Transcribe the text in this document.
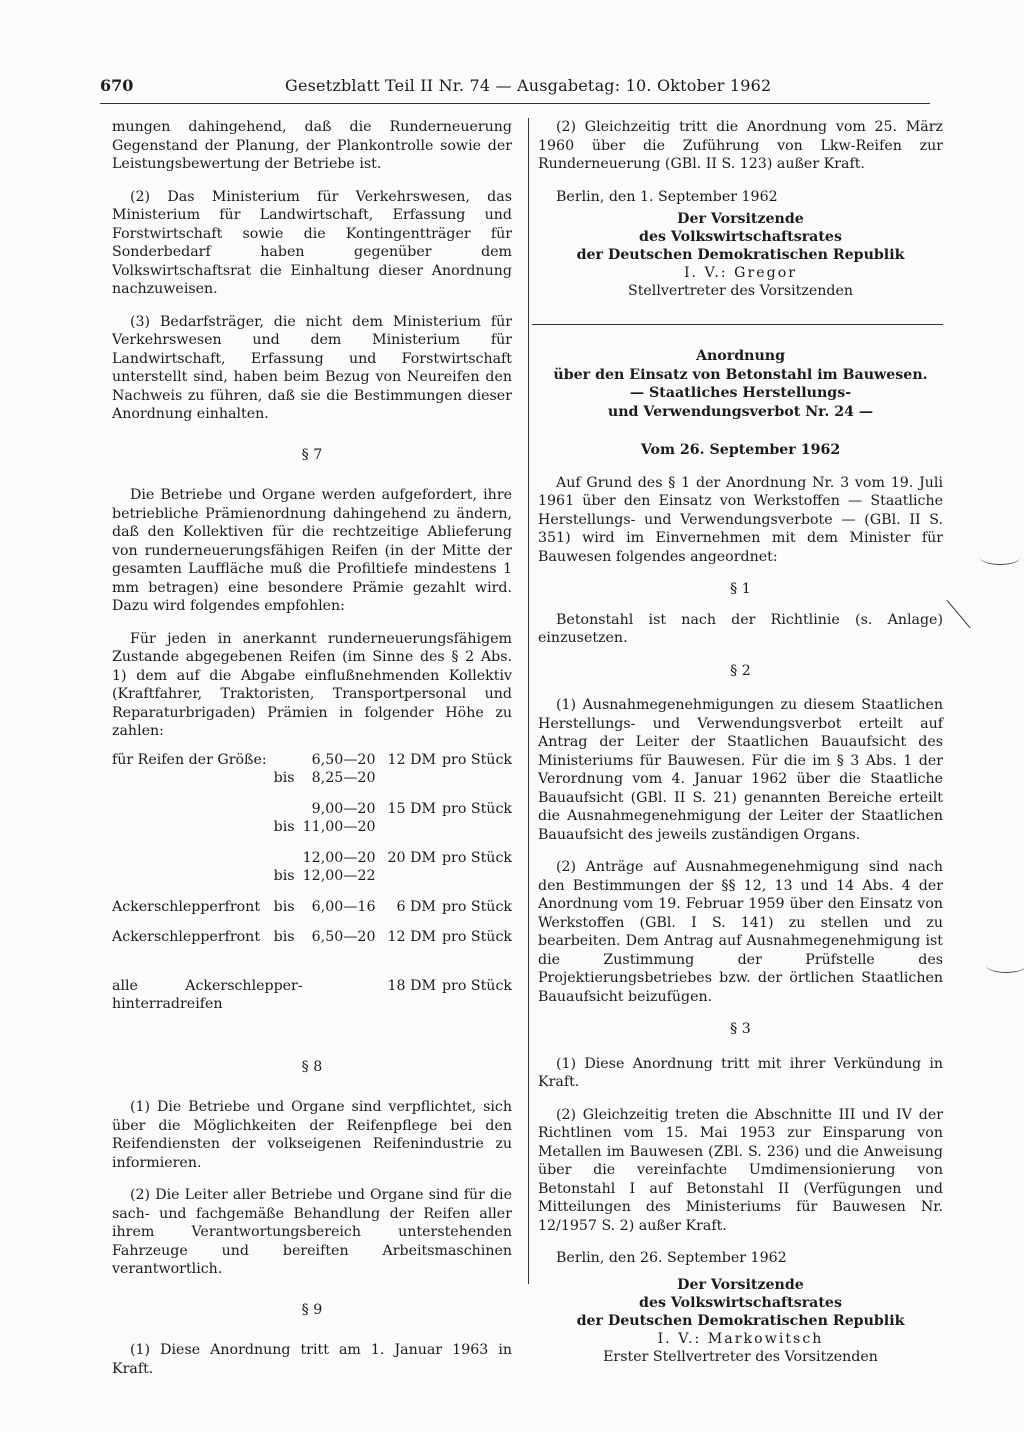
670	Gesetzblatt Teil II Nr. 74 — Ausgabetag: 10. Oktober 1962

mungen dahingehend, daß die Runderneuerung Gegenstand der Planung, der Plankontrolle sowie der Leistungsbewertung der Betriebe ist.

(2) Das Ministerium für Verkehrswesen, das Ministerium für Landwirtschaft, Erfassung und Forstwirtschaft sowie die Kontingentträger für Sonderbedarf haben gegenüber dem Volkswirtschaftsrat die Einhaltung dieser Anordnung nachzuweisen.

(3) Bedarfsträger, die nicht dem Ministerium für Verkehrswesen und dem Ministerium für Landwirtschaft, Erfassung und Forstwirtschaft unterstellt sind, haben beim Bezug von Neureifen den Nachweis zu führen, daß sie die Bestimmungen dieser Anordnung einhalten.

§ 7

Die Betriebe und Organe werden aufgefordert, ihre betriebliche Prämienordnung dahingehend zu ändern, daß den Kollektiven für die rechtzeitige Ablieferung von runderneuerungsfähigen Reifen (in der Mitte der gesamten Lauffläche muß die Profiltiefe mindestens 1 mm betragen) eine besondere Prämie gezahlt wird. Dazu wird folgendes empfohlen:

Für jeden in anerkannt runderneuerungsfähigem Zustande abgegebenen Reifen (im Sinne des § 2 Abs. 1) dem auf die Abgabe einflußnehmenden Kollektiv (Kraftfahrer, Traktoristen, Transportpersonal und Reparaturbrigaden) Prämien in folgender Höhe zu zahlen:

für Reifen der Größe:		6,50—20	12 DM	pro Stück
	bis	8,25—20		
		9,00—20	15 DM	pro Stück
	bis	11,00—20		
		12,00—20	20 DM	pro Stück
	bis	12,00—22		
Ackerschlepperfront	bis	6,00—16	6 DM	pro Stück
Ackerschlepperfront	bis	6,50—20	12 DM	pro Stück
alle Ackerschlepper-hinterradreifen			18 DM	pro Stück
§ 8

(1) Die Betriebe und Organe sind verpflichtet, sich über die Möglichkeiten der Reifenpflege bei den Reifendiensten der volkseigenen Reifenindustrie zu informieren.

(2) Die Leiter aller Betriebe und Organe sind für die sach- und fachgemäße Behandlung der Reifen aller ihrem Verantwortungsbereich unterstehenden Fahrzeuge und bereiften Arbeitsmaschinen verantwortlich.

§ 9

(1) Diese Anordnung tritt am 1. Januar 1963 in Kraft.

(2) Gleichzeitig tritt die Anordnung vom 25. März 1960 über die Zuführung von Lkw-Reifen zur Runderneuerung (GBl. II S. 123) außer Kraft.

Berlin, den 1. September 1962

Der Vorsitzende
des Volkswirtschaftsrates
der Deutschen Demokratischen Republik
I. V.: Gregor
Stellvertreter des Vorsitzenden
Anordnung
über den Einsatz von Betonstahl im Bauwesen.
— Staatliches Herstellungs-
und Verwendungsverbot Nr. 24 —
Vom 26. September 1962

Auf Grund des § 1 der Anordnung Nr. 3 vom 19. Juli 1961 über den Einsatz von Werkstoffen — Staatliche Herstellungs- und Verwendungsverbote — (GBl. II S. 351) wird im Einvernehmen mit dem Minister für Bauwesen folgendes angeordnet:

§ 1

Betonstahl ist nach der Richtlinie (s. Anlage) einzusetzen.

§ 2

(1) Ausnahmegenehmigungen zu diesem Staatlichen Herstellungs- und Verwendungsverbot erteilt auf Antrag der Leiter der Staatlichen Bauaufsicht des Ministeriums für Bauwesen. Für die im § 3 Abs. 1 der Verordnung vom 4. Januar 1962 über die Staatliche Bauaufsicht (GBl. II S. 21) genannten Bereiche erteilt die Ausnahmegenehmigung der Leiter der Staatlichen Bauaufsicht des jeweils zuständigen Organs.

(2) Anträge auf Ausnahmegenehmigung sind nach den Bestimmungen der §§ 12, 13 und 14 Abs. 4 der Anordnung vom 19. Februar 1959 über den Einsatz von Werkstoffen (GBl. I S. 141) zu stellen und zu bearbeiten. Dem Antrag auf Ausnahmegenehmigung ist die Zustimmung der Prüfstelle des Projektierungsbetriebes bzw. der örtlichen Staatlichen Bauaufsicht beizufügen.

§ 3

(1) Diese Anordnung tritt mit ihrer Verkündung in Kraft.

(2) Gleichzeitig treten die Abschnitte III und IV der Richtlinen vom 15. Mai 1953 zur Einsparung von Metallen im Bauwesen (ZBl. S. 236) und die Anweisung über die vereinfachte Umdimensionierung von Betonstahl I auf Betonstahl II (Verfügungen und Mitteilungen des Ministeriums für Bauwesen Nr. 12/1957 S. 2) außer Kraft.

Berlin, den 26. September 1962

Der Vorsitzende
des Volkswirtschaftsrates
der Deutschen Demokratischen Republik
I. V.: Markowitsch
Erster Stellvertreter des Vorsitzenden
